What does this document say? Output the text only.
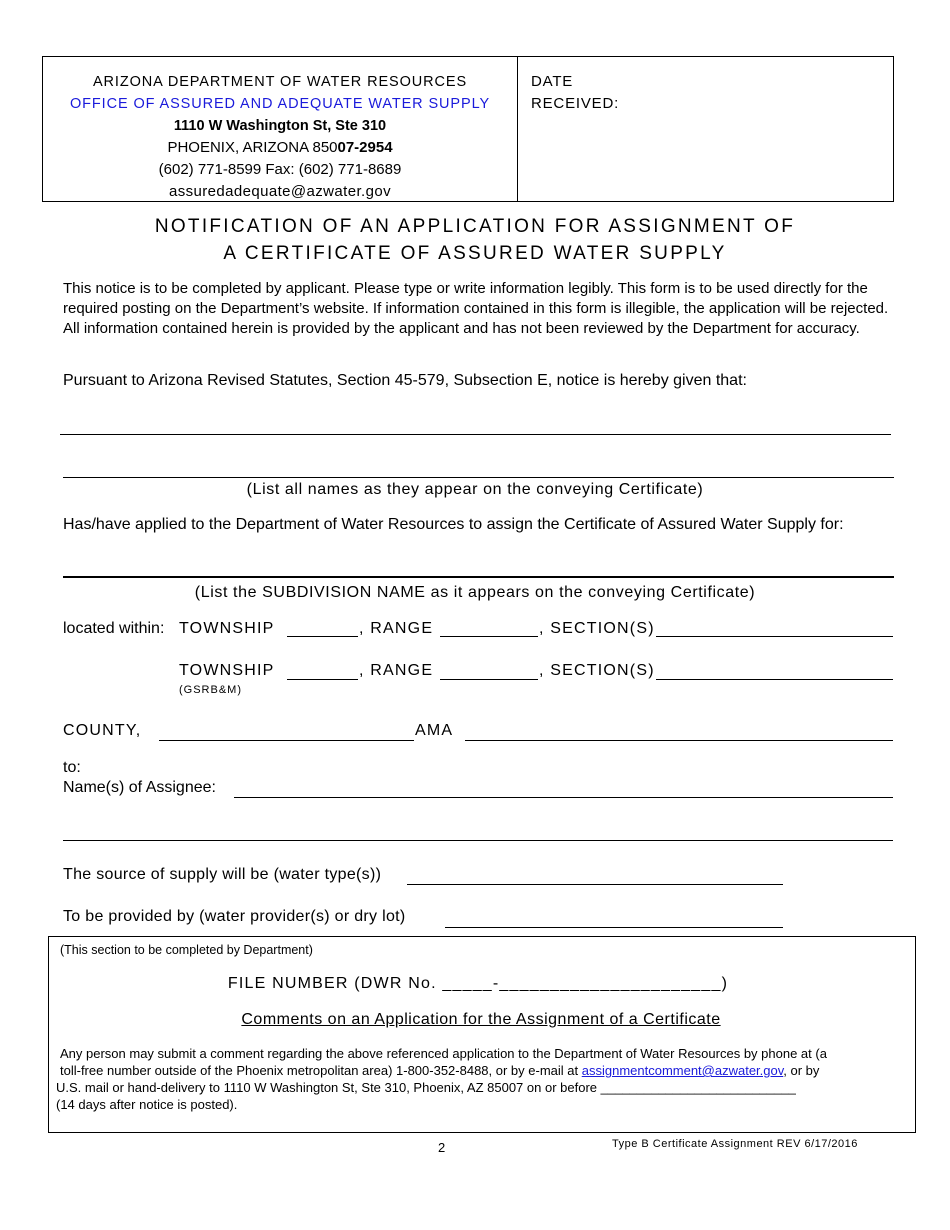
ARIZONA DEPARTMENT OF WATER RESOURCES
OFFICE OF ASSURED AND ADEQUATE WATER SUPPLY
1110 W Washington St, Ste 310
PHOENIX, ARIZONA 85007-2954
(602) 771-8599 Fax: (602) 771-8689
assuredadequate@azwater.gov
DATE
RECEIVED:
NOTIFICATION OF AN APPLICATION FOR ASSIGNMENT OF
A CERTIFICATE OF ASSURED WATER SUPPLY
This notice is to be completed by applicant. Please type or write information legibly. This form is to be used directly for the required posting on the Department’s website. If information contained in this form is illegible, the application will be rejected. All information contained herein is provided by the applicant and has not been reviewed by the Department for accuracy.
Pursuant to Arizona Revised Statutes, Section 45-579, Subsection E, notice is hereby given that:
(List all names as they appear on the conveying Certificate)
Has/have applied to the Department of Water Resources to assign the Certificate of Assured Water Supply for:
(List the SUBDIVISION NAME as it appears on the conveying Certificate)
located within: TOWNSHIP	, RANGE	, SECTION(S)
TOWNSHIP	, RANGE	, SECTION(S)
(GSRB&M)
COUNTY,	AMA
to:
Name(s) of Assignee:
The source of supply will be (water type(s))
To be provided by (water provider(s) or dry lot)
(This section to be completed by Department)
FILE NUMBER (DWR No. _____-______________________)
Comments on an Application for the Assignment of a Certificate
Any person may submit a comment regarding the above referenced application to the Department of Water Resources by phone at (a
toll-free number outside of the Phoenix metropolitan area) 1-800-352-8488, or by e-mail at assignmentcomment@azwater.gov, or by
U.S. mail or hand-delivery to 1110 W Washington St, Ste 310, Phoenix, AZ 85007 on or before ___________________________
(14 days after notice is posted).
2	Type B Certificate Assignment REV 6/17/2016
